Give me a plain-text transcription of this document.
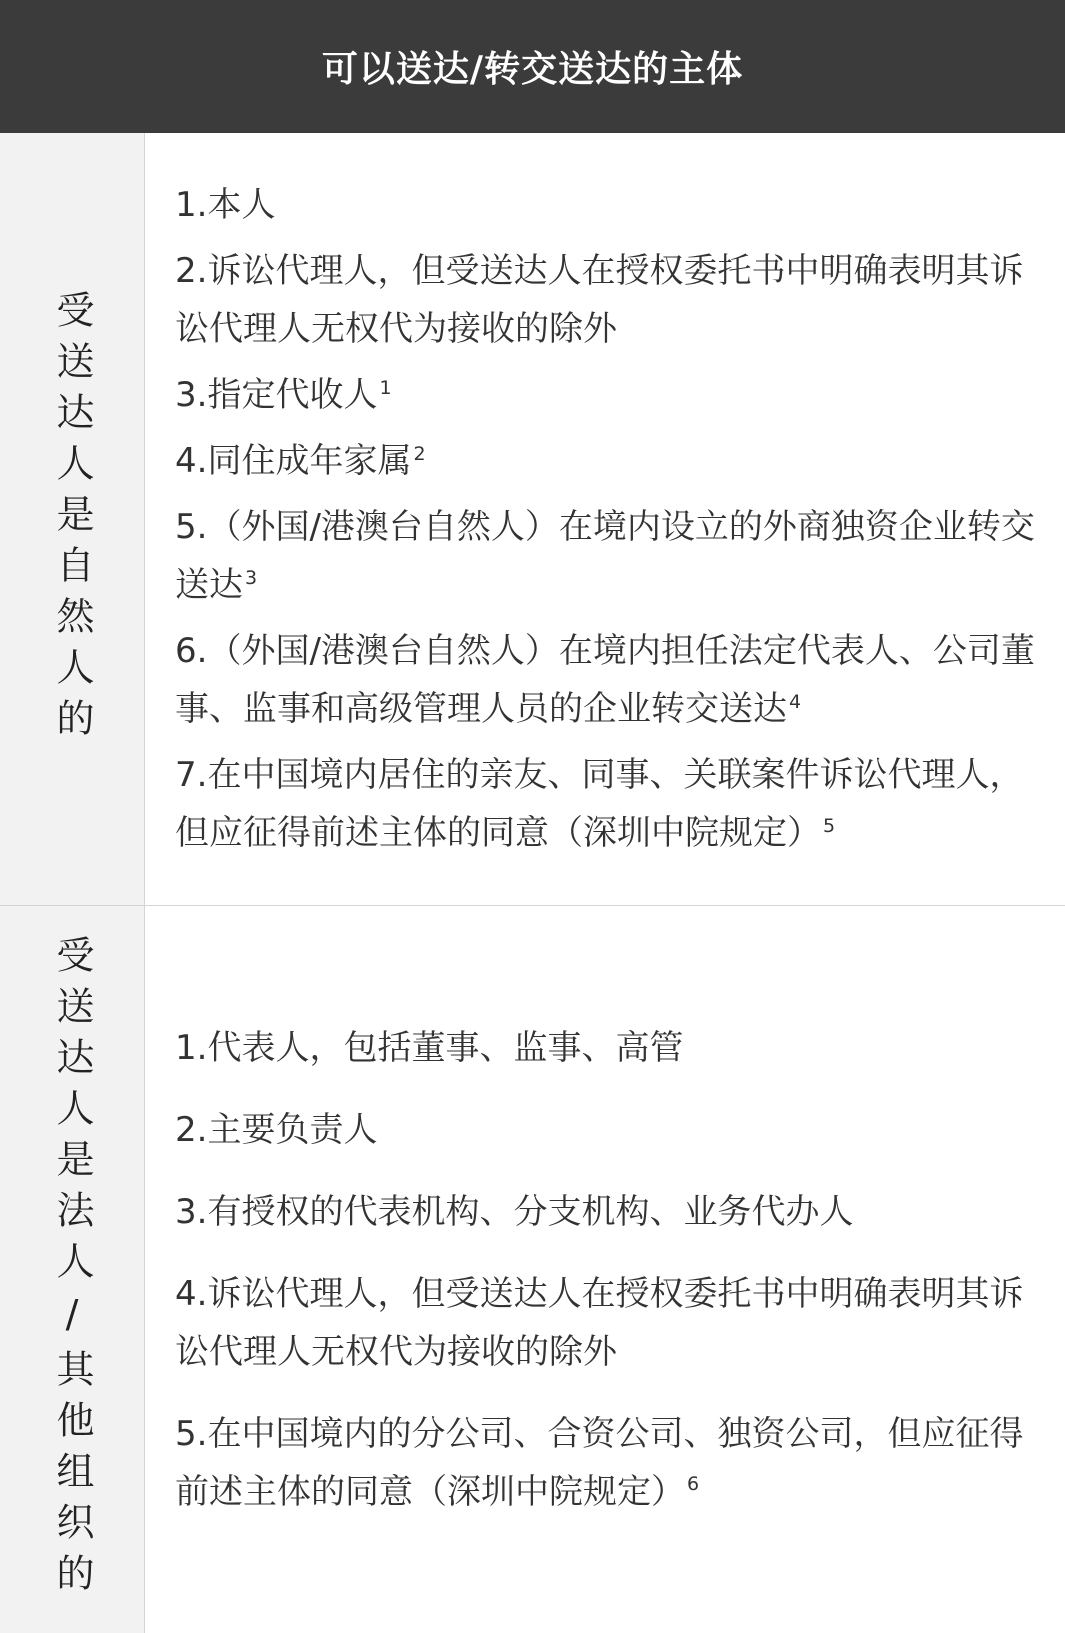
可以送达/转交送达的主体
受送达人是自然人的
1.本人
2.诉讼代理人，但受送达人在授权委托书中明确表明其诉讼代理人无权代为接收的除外
3.指定代收人 $^1$
4.同住成年家属 $^2$
5.（外国/港澳台自然人）在境内设立的外商独资企业转交送达 $^3$
6.（外国/港澳台自然人）在境内担任法定代表人、公司董事、监事和高级管理人员的企业转交送达 $^4$
7.在中国境内居住的亲友、同事、关联案件诉讼代理人，但应征得前述主体的同意（深圳中院规定） $^5$
受送达人是法人/其他组织的 1.代表人，包括董事、监事、高管
2.主要负责人
3.有授权的代表机构、分支机构、业务代办人
4.诉讼代理人，但受送达人在授权委托书中明确表明其诉讼代理人无权代为接收的除外
5.在中国境内的分公司、合资公司、独资公司，但应征得前述主体的同意（深圳中院规定） $^6$
